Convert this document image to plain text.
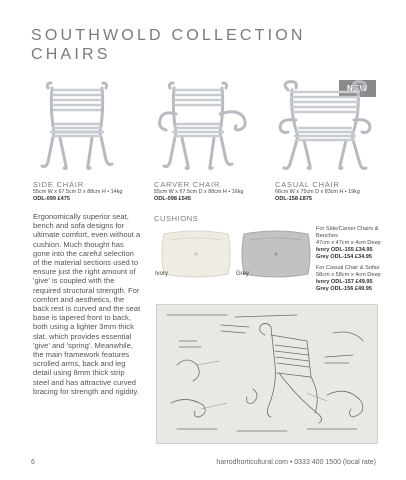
SOUTHWOLD COLLECTION
CHAIRS
NEW
SIDE CHAIR
55cm W x 67.5cm D x 88cm H • 14kg
ODL-099 £475
CARVER CHAIR
55cm W x 67.5cm D x 88cm H • 16kg
ODL-098 £545
CASUAL CHAIR
66cm W x 75cm D x 83cm H • 19kg
ODL-158 £875

Ergonomically superior seat, bench and sofa designs for ultimate comfort, even without a cushion. Much thought has gone into the careful selection of the material sections used to ensure just the right amount of 'give' is coupled with the required structural strength. For comfort and aesthetics, the back rest is curved and the seat base is tapered front to back, both using a lighter 3mm thick slat, which provides essential 'give' and 'spring'. Meanwhile, the main framework features scrolled arms, back and leg detail using 8mm thick strip steel and has attractive curved bracing for strength and rigidity.

CUSHIONS
Ivory	Grey
For Side/Carver Chairs & Benches
47cm x 47cm x 4cm Deep
Ivory ODL-155 £34.95
Grey ODL-154 £34.95
For Casual Chair & Sofas
58cm x 58cm x 4cm Deep
Ivory ODL-157 £49.95
Grey ODL-156 £49.95
6	harrodhorticultural.com • 0333 400 1500 (local rate)
